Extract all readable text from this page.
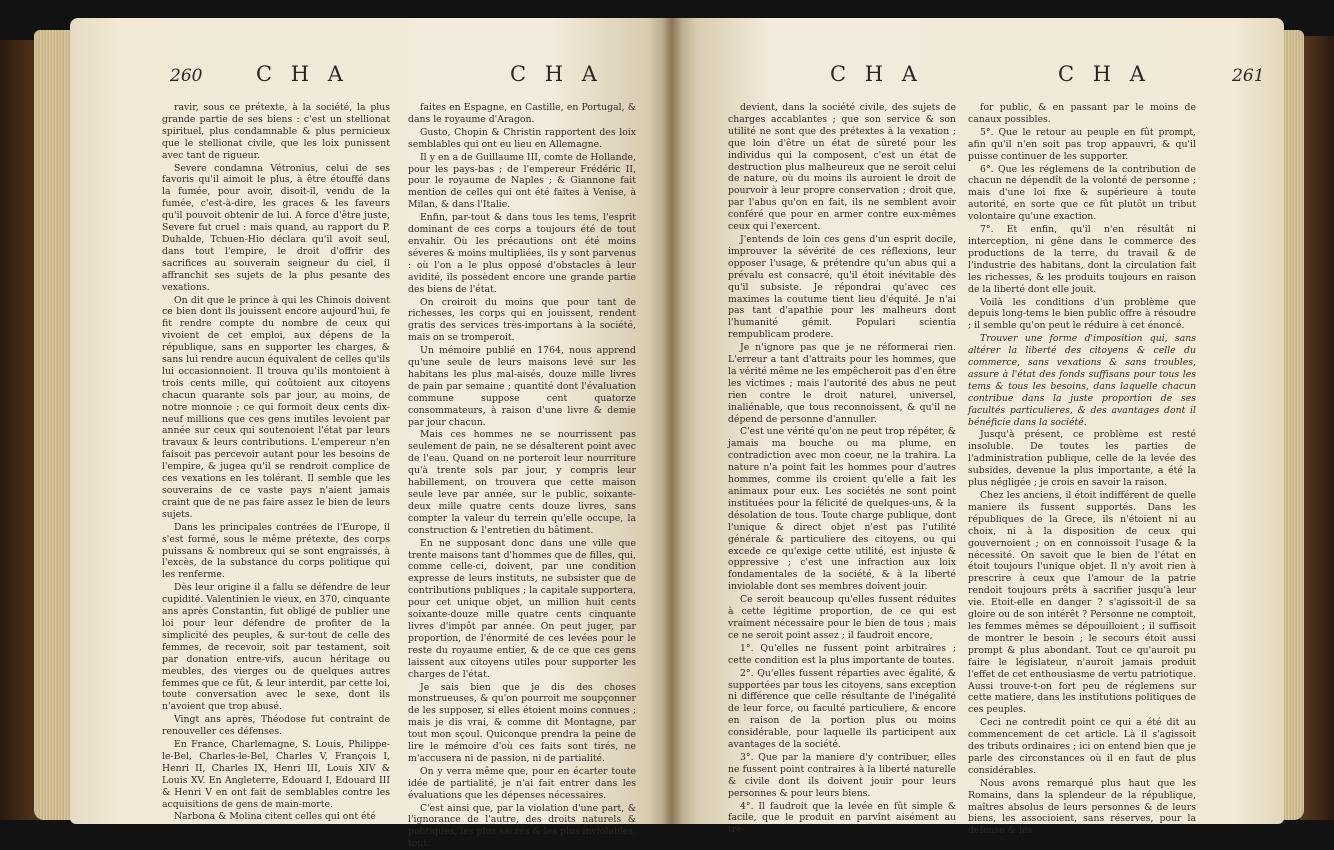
260	C H A	C H A

ravir, sous ce prétexte, à la société, la plus grande partie de ses biens : c'est un stellionat spirituel, plus condamnable & plus pernicieux que le stellionat civile, que les loix punissent avec tant de rigueur.

Severe condamna Vétronius, celui de ses favoris qu'il aimoit le plus, à être étouffé dans la fumée, pour avoir, disoit-il, vendu de la fumée, c'est-à-dire, les graces & les faveurs qu'il pouvoit obtenir de lui. A force d'être juste, Severe fut cruel : mais quand, au rapport du P. Duhalde, Tchuen-Hio déclara qu'il avoit seul, dans tout l'empire, le droit d'offrir des sacrifices au souverain seigneur du ciel, il affranchit ses sujets de la plus pesante des vexations.

On dit que le prince à qui les Chinois doivent ce bien dont ils jouissent encore aujourd'hui, fe fit rendre compte du nombre de ceux qui vivoient de cet emploi, aux dépens de la république, sans en supporter les charges, & sans lui rendre aucun équivalent de celles qu'ils lui occasionnoient. Il trouva qu'ils montoient à trois cents mille, qui coûtoient aux citoyens chacun quarante sols par jour, au moins, de notre monnoie ; ce qui formoit deux cents dix-neuf millions que ces gens inutiles levoient par année sur ceux qui soutenoient l'état par leurs travaux & leurs contributions. L'empereur n'en faisoit pas percevoir autant pour les besoins de l'empire, & jugea qu'il se rendroit complice de ces vexations en les tolérant. Il semble que les souverains de ce vaste pays n'aient jamais craint que de ne pas faire assez le bien de leurs sujets.

Dans les principales contrées de l'Europe, il s'est formé, sous le même prétexte, des corps puissans & nombreux qui se sont engraissés, à l'excès, de la substance du corps politique qui les renferme.

Dès leur origine il a fallu se défendre de leur cupidité. Valentinien le vieux, en 370, cinquante ans après Constantin, fut obligé de publier une loi pour leur défendre de profiter de la simplicité des peuples, & sur-tout de celle des femmes, de recevoir, soit par testament, soit par donation entre-vifs, aucun héritage ou meubles, des vierges ou de quelques autres femmes que ce fût, & leur interdit, par cette loi, toute conversation avec le sexe, dont ils n'avoient que trop abusé.

Vingt ans après, Théodose fut contraint de renouveller ces défenses.

En France, Charlemagne, S. Louis, Philippe-le-Bel, Charles-le-Bel, Charles V, François I, Henri II, Charles IX, Henri III, Louis XIV & Louis XV. En Angleterre, Edouard I, Edouard III & Henri V en ont fait de semblables contre les acquisitions de gens de main-morte.

Narbona & Molina citent celles qui ont été

faites en Espagne, en Castille, en Portugal, & dans le royaume d'Aragon.

Gusto, Chopin & Christin rapportent des loix semblables qui ont eu lieu en Allemagne.

Il y en a de Guillaume III, comte de Hollande, pour les pays-bas ; de l'empereur Frédéric II, pour le royaume de Naples ; & Giannone fait mention de celles qui ont été faites à Venise, à Milan, & dans l'Italie.

Enfin, par-tout & dans tous les tems, l'esprit dominant de ces corps a toujours été de tout envahir. Où les précautions ont été moins séveres & moins multipliées, ils y sont parvenus : où l'on a le plus opposé d'obstacles à leur avidité, ils possèdent encore une grande partie des biens de l'état.

On croiroit du moins que pour tant de richesses, les corps qui en jouissent, rendent gratis des services très-importans à la société, mais on se tromperoit.

Un mémoire publié en 1764, nous apprend qu'une seule de leurs maisons levé sur les habitans les plus mal-aisés, douze mille livres de pain par semaine ; quantité dont l'évaluation commune suppose cent quatorze consommateurs, à raison d'une livre & demie par jour chacun.

Mais ces hommes ne se nourrissent pas seulement de pain, ne se désalterent point avec de l'eau. Quand on ne porteroit leur nourriture qu'à trente sols par jour, y compris leur habillement, on trouvera que cette maison seule leve par année, sur le public, soixante-deux mille quatre cents douze livres, sans compter la valeur du terrein qu'elle occupe, la construction & l'entretien du bâtiment.

En ne supposant donc dans une ville que trente maisons tant d'hommes que de filles, qui, comme celle-ci, doivent, par une condition expresse de leurs instituts, ne subsister que de contributions publiques ; la capitale supportera, pour cet unique objet, un million huit cents soixante-douze mille quatre cents cinquante livres d'impôt par année. On peut juger, par proportion, de l'énormité de ces levées pour le reste du royaume entier, & de ce que ces gens laissent aux citoyens utiles pour supporter les charges de l'état.

Je sais bien que je dis des choses monstrueuses, & qu'on pourroit me soupçonner de les supposer, si elles étoient moins connues ; mais je dis vrai, & comme dit Montagne, par tout mon sçoul. Quiconque prendra la peine de lire le mémoire d'où ces faits sont tirés, ne m'accusera ni de passion, ni de partialité.

On y verra même que, pour en écarter toute idée de partialité, je n'ai fait entrer dans les évaluations que les dépenses nécessaires.

C'est ainsi que, par la violation d'une part, & l'ignorance de l'autre, des droits naturels & politiques, les plus sacrés & les plus inviolables, tout

C H A	C H A	261

devient, dans la société civile, des sujets de charges accablantes ; que son service & son utilité ne sont que des prétextes à la vexation ; que loin d'être un état de sûreté pour les individus qui la composent, c'est un état de destruction plus malheureux que ne seroit celui de nature, où du moins ils auroient le droit de pourvoir à leur propre conservation ; droit que, par l'abus qu'on en fait, ils ne semblent avoir conféré que pour en armer contre eux-mêmes ceux qui l'exercent.

J'entends de loin ces gens d'un esprit docile, improuver la sévérité de ces réflexions, leur opposer l'usage, & prétendre qu'un abus qui a prévalu est consacré, qu'il étoit inévitable dès qu'il subsiste. Je répondrai qu'avec ces maximes la coutume tient lieu d'équité. Je n'ai pas tant d'apathie pour les malheurs dont l'humanité gémit. Populari scientia rempublicam prodere.

Je n'ignore pas que je ne réformerai rien. L'erreur a tant d'attraits pour les hommes, que la vérité même ne les empêcheroit pas d'en être les victimes ; mais l'autorité des abus ne peut rien contre le droit naturel, universel, inaliénable, que tous reconnoissent, & qu'il ne dépend de personne d'annuller.

C'est une vérité qu'on ne peut trop répéter, & jamais ma bouche ou ma plume, en contradiction avec mon coeur, ne la trahira. La nature n'a point fait les hommes pour d'autres hommes, comme ils croient qu'elle a fait les animaux pour eux. Les sociétés ne sont point instituées pour la félicité de quelques-uns, & la désolation de tous. Toute charge publique, dont l'unique & direct objet n'est pas l'utilité générale & particuliere des citoyens, ou qui excede ce qu'exige cette utilité, est injuste & oppressive ; c'est une infraction aux loix fondamentales de la société, & à la liberté inviolable dont ses membres doivent jouir.

Ce seroit beaucoup qu'elles fussent réduites à cette légitime proportion, de ce qui est vraiment nécessaire pour le bien de tous ; mais ce ne seroit point assez ; il faudroit encore,

1°. Qu'elles ne fussent point arbitraires ; cette condition est la plus importante de toutes.

2°. Qu'elles fussent réparties avec égalité, & supportées par tous les citoyens, sans exception ni différence que celle résultante de l'inégalité de leur force, ou faculté particuliere, & encore en raison de la portion plus ou moins considérable, pour laquelle ils participent aux avantages de la société.

3°. Que par la maniere d'y contribuer, elles ne fussent point contraires à la liberté naturelle & civile dont ils doivent jouir pour leurs personnes & pour leurs biens.

4°. Il faudroit que la levée en fût simple & facile, que le produit en parvînt aisément au tré-

for public, & en passant par le moins de canaux possibles.

5°. Que le retour au peuple en fût prompt, afin qu'il n'en soit pas trop appauvri, & qu'il puisse continuer de les supporter.

6°. Que les réglemens de la contribution de chacun ne dépendît de la volonté de personne ; mais d'une loi fixe & supérieure à toute autorité, en sorte que ce fût plutôt un tribut volontaire qu'une exaction.

7°. Et enfin, qu'il n'en résultât ni interception, ni gêne dans le commerce des productions de la terre, du travail & de l'industrie des habitans, dont la circulation fait les richesses, & les produits toujours en raison de la liberté dont elle jouit.

Voilà les conditions d'un problème que depuis long-tems le bien public offre à résoudre ; il semble qu'on peut le réduire à cet énoncé.

Trouver une forme d'imposition qui, sans altérer la liberté des citoyens & celle du commerce, sans vexations & sans troubles, assure à l'état des fonds suffisans pour tous les tems & tous les besoins, dans laquelle chacun contribue dans la juste proportion de ses facultés particulieres, & des avantages dont il bénéficie dans la société.

Jusqu'à présent, ce problème est resté insoluble. De toutes les parties de l'administration publique, celle de la levée des subsides, devenue la plus importante, a été la plus négligée ; je crois en savoir la raison.

Chez les anciens, il étoit indifférent de quelle maniere ils fussent supportés. Dans les républiques de la Grece, ils n'étoient ni au choix, ni à la disposition de ceux qui gouvernoient ; on en connoissoit l'usage & la nécessité. On savoit que le bien de l'état en étoit toujours l'unique objet. Il n'y avoit rien à prescrire à ceux que l'amour de la patrie rendoit toujours prêts à sacrifier jusqu'à leur vie. Etoit-elle en danger ? s'agissoit-il de sa gloire ou de son intérêt ? Personne ne comptoit, les femmes mêmes se dépouilloient ; il suffisoit de montrer le besoin ; le secours étoit aussi prompt & plus abondant. Tout ce qu'auroit pu faire le législateur, n'auroit jamais produit l'effet de cet enthousiasme de vertu patriotique. Aussi trouve-t-on fort peu de réglemens sur cette matiere, dans les institutions politiques de ces peuples.

Ceci ne contredit point ce qui a été dit au commencement de cet article. Là il s'agissoit des tributs ordinaires ; ici on entend bien que je parle des circonstances où il en faut de plus considérables.

Nous avons remarqué plus haut que les Romains, dans la splendeur de la république, maîtres absolus de leurs personnes & de leurs biens, les associoient, sans réserves, pour la défense & les
